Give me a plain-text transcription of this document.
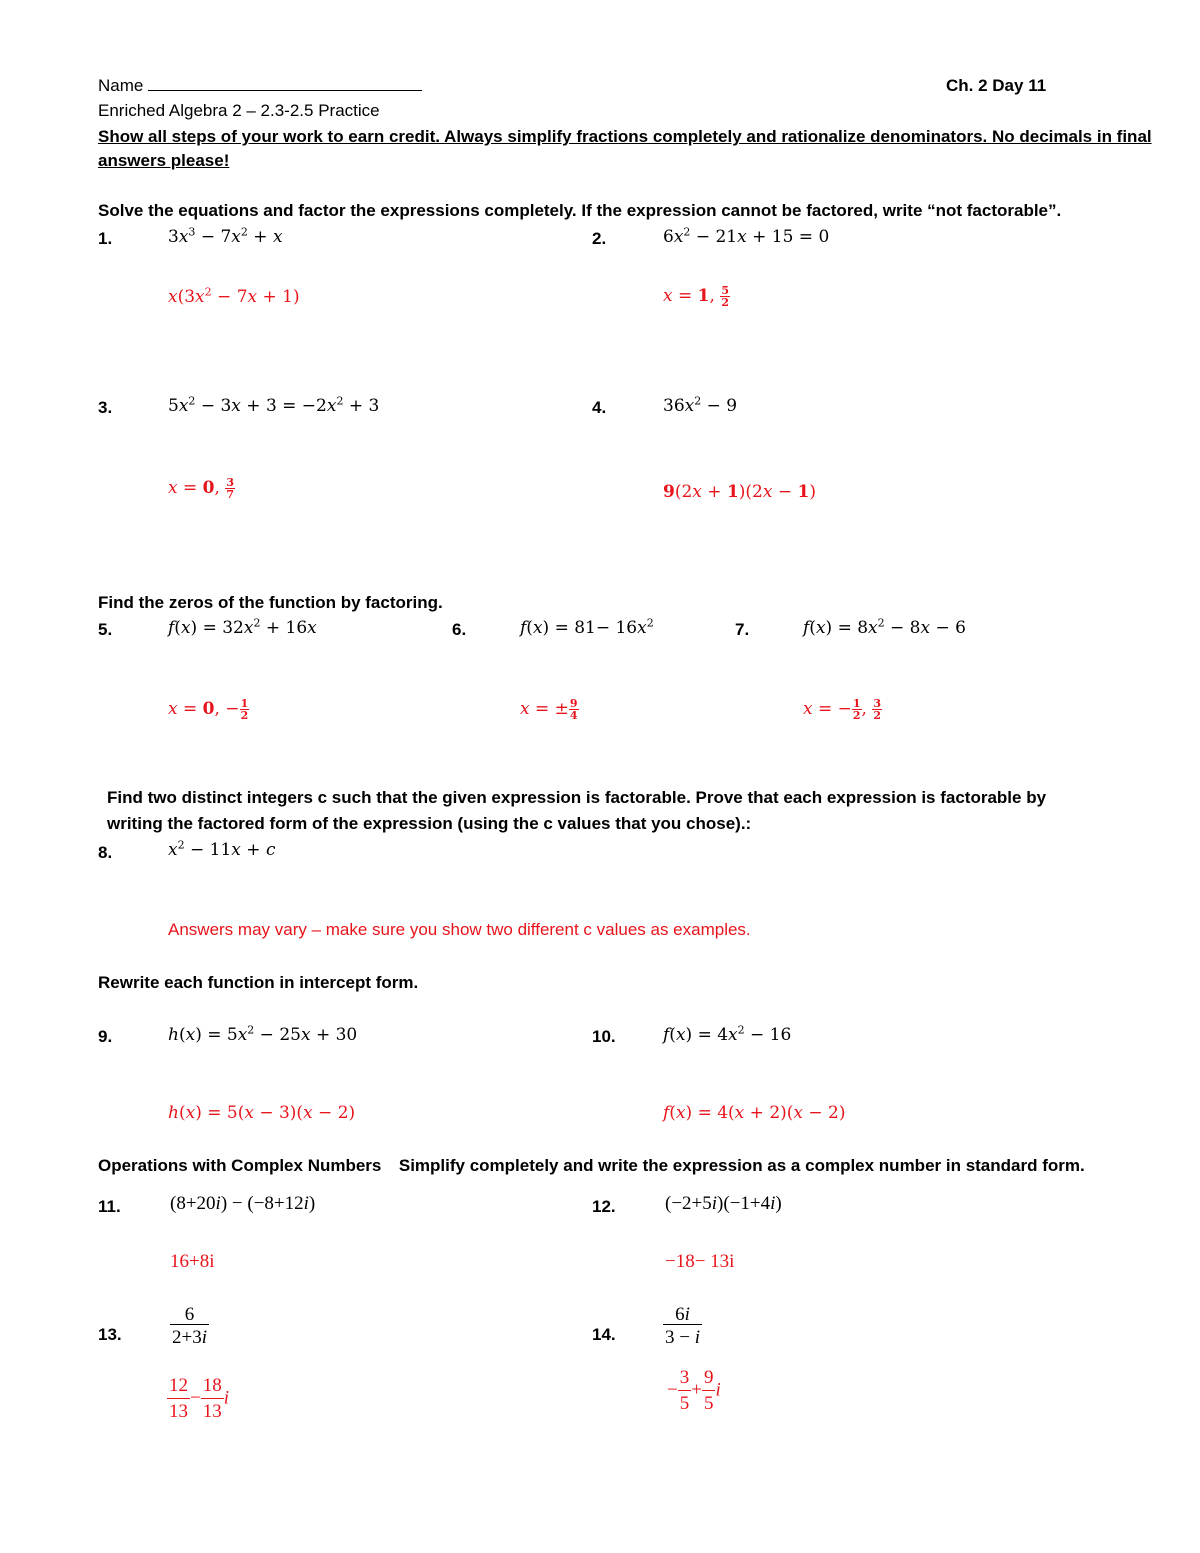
Name	Ch. 2 Day 11
Enriched Algebra 2 – 2.3-2.5 Practice
Show all steps of your work to earn credit. Always simplify fractions completely and rationalize denominators. No decimals in final
answers please!
Solve the equations and factor the expressions completely. If the expression cannot be factored, write “not factorable”.
1.	$3x^3 - 7x^2 + x$	2.	$6x^2 - 21x + 15 = 0$
$x(3x^2 - 7x + 1)$	x = 1, $\frac{5}{2}$
3.	$5x^2 - 3x + 3 = -2x^2 + 3$	4.	$36x^2 - 9$
x = 0, $\frac{3}{7}$	9(2x + 1)(2x − 1)
Find the zeros of the function by factoring.
5.	$f(x) = 32x^2 + 16x$	6.	$f(x) = 81- 16x^2$	7.	$f(x) = 8x^2 - 8x - 6$
x = 0, − $\frac{1}{2}$	x = ± $\frac{9}{4}$	x = − $\frac{1}{2}$ , $\frac{3}{2}$
Find two distinct integers c such that the given expression is factorable. Prove that each expression is factorable by
writing the factored form of the expression (using the c values that you chose).:
8.	$x^2 - 11x + c$
Answers may vary – make sure you show two different c values as examples.
Rewrite each function in intercept form.
9.	$h(x) = 5x^2 - 25x + 30$	10.	$f(x) = 4x^2 - 16$
h(x) = 5(x − 3)(x − 2)	f(x) = 4(x + 2)(x − 2)
Operations with Complex Numbers Simplify completely and write the expression as a complex number in standard form.
11.	(8+20i) − (−8+12i)	12.	(−2+5i)(−1+4i)
16+8i	−18− 13i
13.	$\frac{6}{2+3i}$	14. $\frac{6i}{3 - i}$
$\frac{12}{13} - \frac{18}{13}$ i	− $\frac{3}{5} + \frac{9}{5}$ i
